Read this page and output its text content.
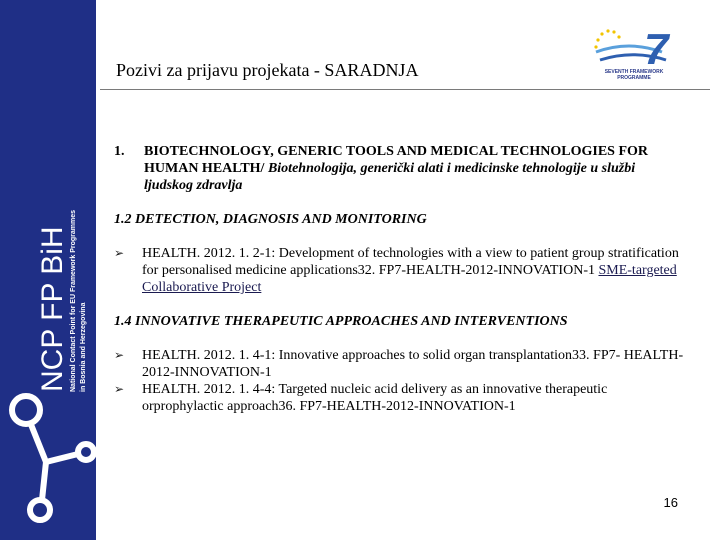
NCP FP BiH National Contact Point for EU Framework Programmes in Bosnia and Herzegovina
Pozivi za prijavu projekata - SARADNJA	7
SEVENTH FRAMEWORK
PROGRAMME
1. BIOTECHNOLOGY, GENERIC TOOLS AND MEDICAL TECHNOLOGIES FOR HUMAN HEALTH/ Biotehnologija, generički alati i medicinske tehnologije u službi ljudskog zdravlja
1.2 DETECTION, DIAGNOSIS AND MONITORING
➢ HEALTH. 2012. 1. 2-1: Development of technologies with a view to patient group stratification for personalised medicine applications32. FP7-HEALTH-2012-INNOVATION-1 SME-targeted Collaborative Project
1.4 INNOVATIVE THERAPEUTIC APPROACHES AND INTERVENTIONS
➢ HEALTH. 2012. 1. 4-1: Innovative approaches to solid organ transplantation33. FP7- HEALTH-2012-INNOVATION-1
➢ HEALTH. 2012. 1. 4-4: Targeted nucleic acid delivery as an innovative therapeutic orprophylactic approach36. FP7-HEALTH-2012-INNOVATION-1
16
